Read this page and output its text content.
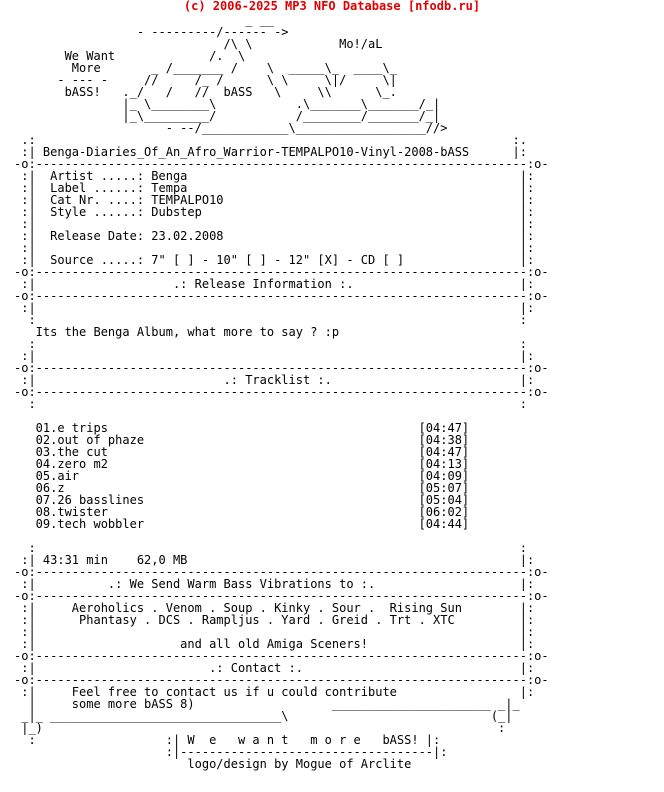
(c) 2006-2025 MP3 NFO Database [nfodb.ru]
_ __
- ---------/------ ->
/\ \            Mo!/aL
We Want             /.  \
More       _ /_______ /    \  _____\_  ____\_
- --- -     //     /_ /      \ \     \|/     \|
bASS!   ._/   /   //  bASS   \     \\      \_.
|_ \________\           .\_______\_______/_|
|_\_________/           /________/_______/_|
- --/____________\__________________//>
.:                                                                  :.
:| Benga-Diaries_Of_An_Afro_Warrior-TEMPALPO10-Vinyl-2008-bASS      |:
-o:--------------------------------------------------------------------:o-
:|  Artist .....: Benga                                              |:
:|  Label ......: Tempa                                              |:
:|  Cat Nr. ....: TEMPALPO10                                         |:
:|  Style ......: Dubstep                                            |:
:|                                                                   |:
:|  Release Date: 23.02.2008                                         |:
:|                                                                   |:
:|  Source .....: 7" [ ] - 10" [ ] - 12" [X] - CD [ ]                |:
-o:--------------------------------------------------------------------:o-
:|                   .: Release Information :.                       |:
-o:--------------------------------------------------------------------:o-
:|                                                                   |:
:                                                                   :
Its the Benga Album, what more to say ? :p
:                                                                   :
:|                                                                   |:
-o:--------------------------------------------------------------------:o-
:|                          .: Tracklist :.                          |:
-o:--------------------------------------------------------------------:o-
:                                                                   :

01.e trips                                           [04:47]
02.out of phaze                                      [04:38]
03.the cut                                           [04:47]
04.zero m2                                           [04:13]
05.air                                               [04:09]
06.z                                                 [05:07]
07.26 basslines                                      [05:04]
08.twister                                           [06:02]
09.tech wobbler                                      [04:44]

:                                                                   :
:| 43:31 min    62,0 MB                                              |:
-o:--------------------------------------------------------------------:o-
:|          .: We Send Warm Bass Vibrations to :.                    |:
-o:--------------------------------------------------------------------:o-
:|     Aeroholics . Venom . Soup . Kinky . Sour .  Rising Sun        |:
:|      Phantasy . DCS . Rampljus . Yard . Greid . Trt . XTC         |:
:|                                                                   |:
:|                    and all old Amiga Sceners!                     |:
-o:--------------------------------------------------------------------:o-
:|                        .: Contact :.                              |:
-o:--------------------------------------------------------------------:o-
:|     Feel free to contact us if u could contribute                 |:
|     some more bASS 8)                   ______________________ _|_
_|_ ________________________________\                            (_|
|_)                                                               :
:                  :| W  e   w a n t   m o r e   bASS! |:
:|-----------------------------------|:
logo/design by Mogue of Arclite
